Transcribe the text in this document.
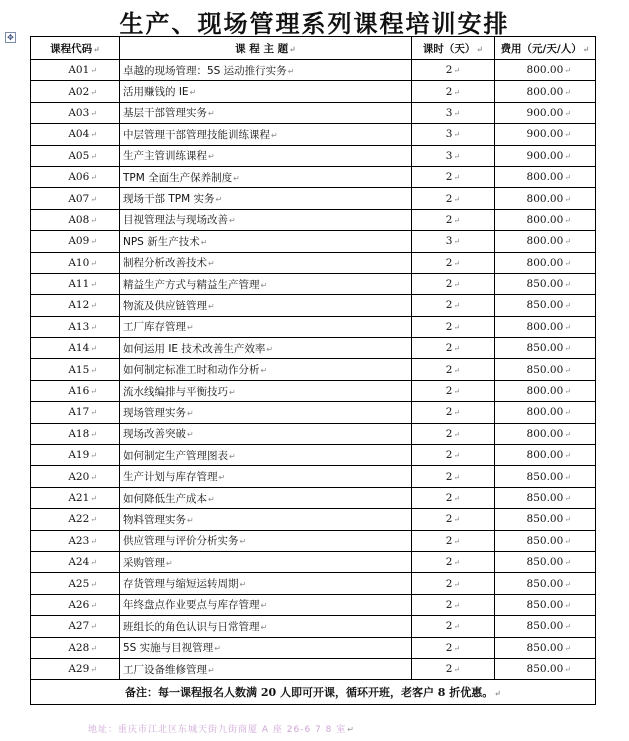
生产、现场管理系列课程培训安排
✥
课程代码↵	课 程 主 题↵	课时（天）↵	费用（元/天/人）↵
A01↵	卓越的现场管理：5S 运动推行实务↵	2↵	800.00↵
A02↵	活用赚钱的 IE↵	2↵	800.00↵
A03↵	基层干部管理实务↵	3↵	900.00↵
A04↵	中层管理干部管理技能训练课程↵	3↵	900.00↵
A05↵	生产主管训练课程↵	3↵	900.00↵
A06↵	TPM 全面生产保养制度↵	2↵	800.00↵
A07↵	现场干部 TPM 实务↵	2↵	800.00↵
A08↵	目视管理法与现场改善↵	2↵	800.00↵
A09↵	NPS 新生产技术↵	3↵	800.00↵
A10↵	制程分析改善技术↵	2↵	800.00↵
A11↵	精益生产方式与精益生产管理↵	2↵	850.00↵
A12↵	物流及供应链管理↵	2↵	850.00↵
A13↵	工厂库存管理↵	2↵	800.00↵
A14↵	如何运用 IE 技术改善生产效率↵	2↵	850.00↵
A15↵	如何制定标准工时和动作分析↵	2↵	850.00↵
A16↵	流水线编排与平衡技巧↵	2↵	800.00↵
A17↵	现场管理实务↵	2↵	800.00↵
A18↵	现场改善突破↵	2↵	800.00↵
A19↵	如何制定生产管理图表↵	2↵	800.00↵
A20↵	生产计划与库存管理↵	2↵	850.00↵
A21↵	如何降低生产成本↵	2↵	850.00↵
A22↵	物料管理实务↵	2↵	850.00↵
A23↵	供应管理与评价分析实务↵	2↵	850.00↵
A24↵	采购管理↵	2↵	850.00↵
A25↵	存货管理与缩短运转周期↵	2↵	850.00↵
A26↵	年终盘点作业要点与库存管理↵	2↵	850.00↵
A27↵	班组长的角色认识与日常管理↵	2↵	850.00↵
A28↵	5S 实施与目视管理↵	2↵	850.00↵
A29↵	工厂设备维修管理↵	2↵	850.00↵
备注：每一课程报名人数满 20 人即可开课，循环开班，老客户 8 折优惠。↵			
地址：重庆市江北区东城天街九街商厦 A 座 26-6 7 8 室↵
